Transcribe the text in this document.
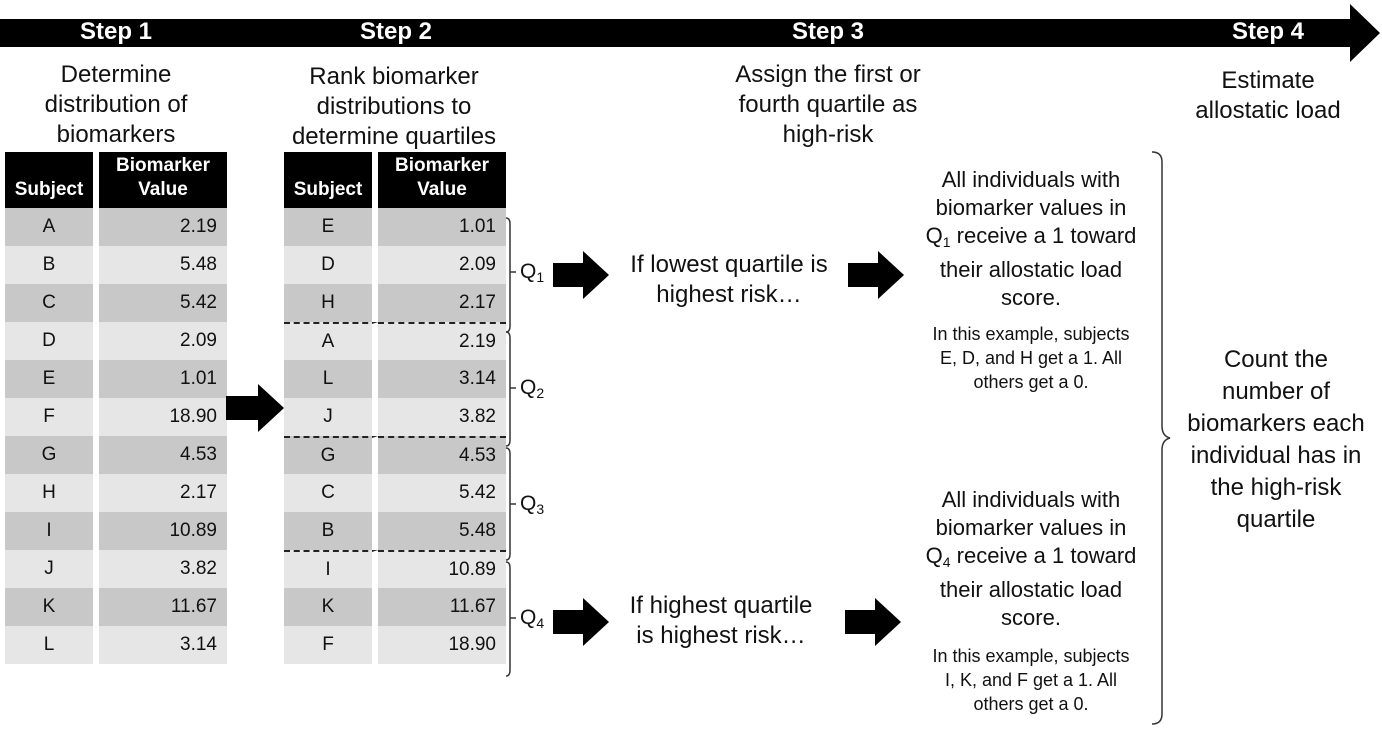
Step 1	Step 2	Step 3	Step 4
Determine
distribution of
biomarkers
Rank biomarker
distributions to
determine quartiles
Assign the first or
fourth quartile as
high-risk
Estimate
allostatic load
Subject	Biomarker
Value

A	2.19
B	5.48
C	5.42
D	2.09
E	1.01
F	18.90
G	4.53
H	2.17
I	10.89
J	3.82
K	11.67
L	3.14
Subject	Biomarker
Value

E	1.01
D	2.09
H	2.17
A	2.19
L	3.14
J	3.82
G	4.53
C	5.42
B	5.48
I	10.89
K	11.67
F	18.90
$Q_1$
$Q_2$
$Q_3$
$Q_4$
If lowest quartile is
highest risk…
If highest quartile
is highest risk…
All individuals with
biomarker values in
$Q_1$ receive a 1 toward
their allostatic load
score.
In this example, subjects
E, D, and H get a 1. All
others get a 0.
All individuals with
biomarker values in
$Q_4$ receive a 1 toward
their allostatic load
score.
In this example, subjects
I, K, and F get a 1. All
others get a 0.
Count the
number of
biomarkers each
individual has in
the high-risk
quartile
